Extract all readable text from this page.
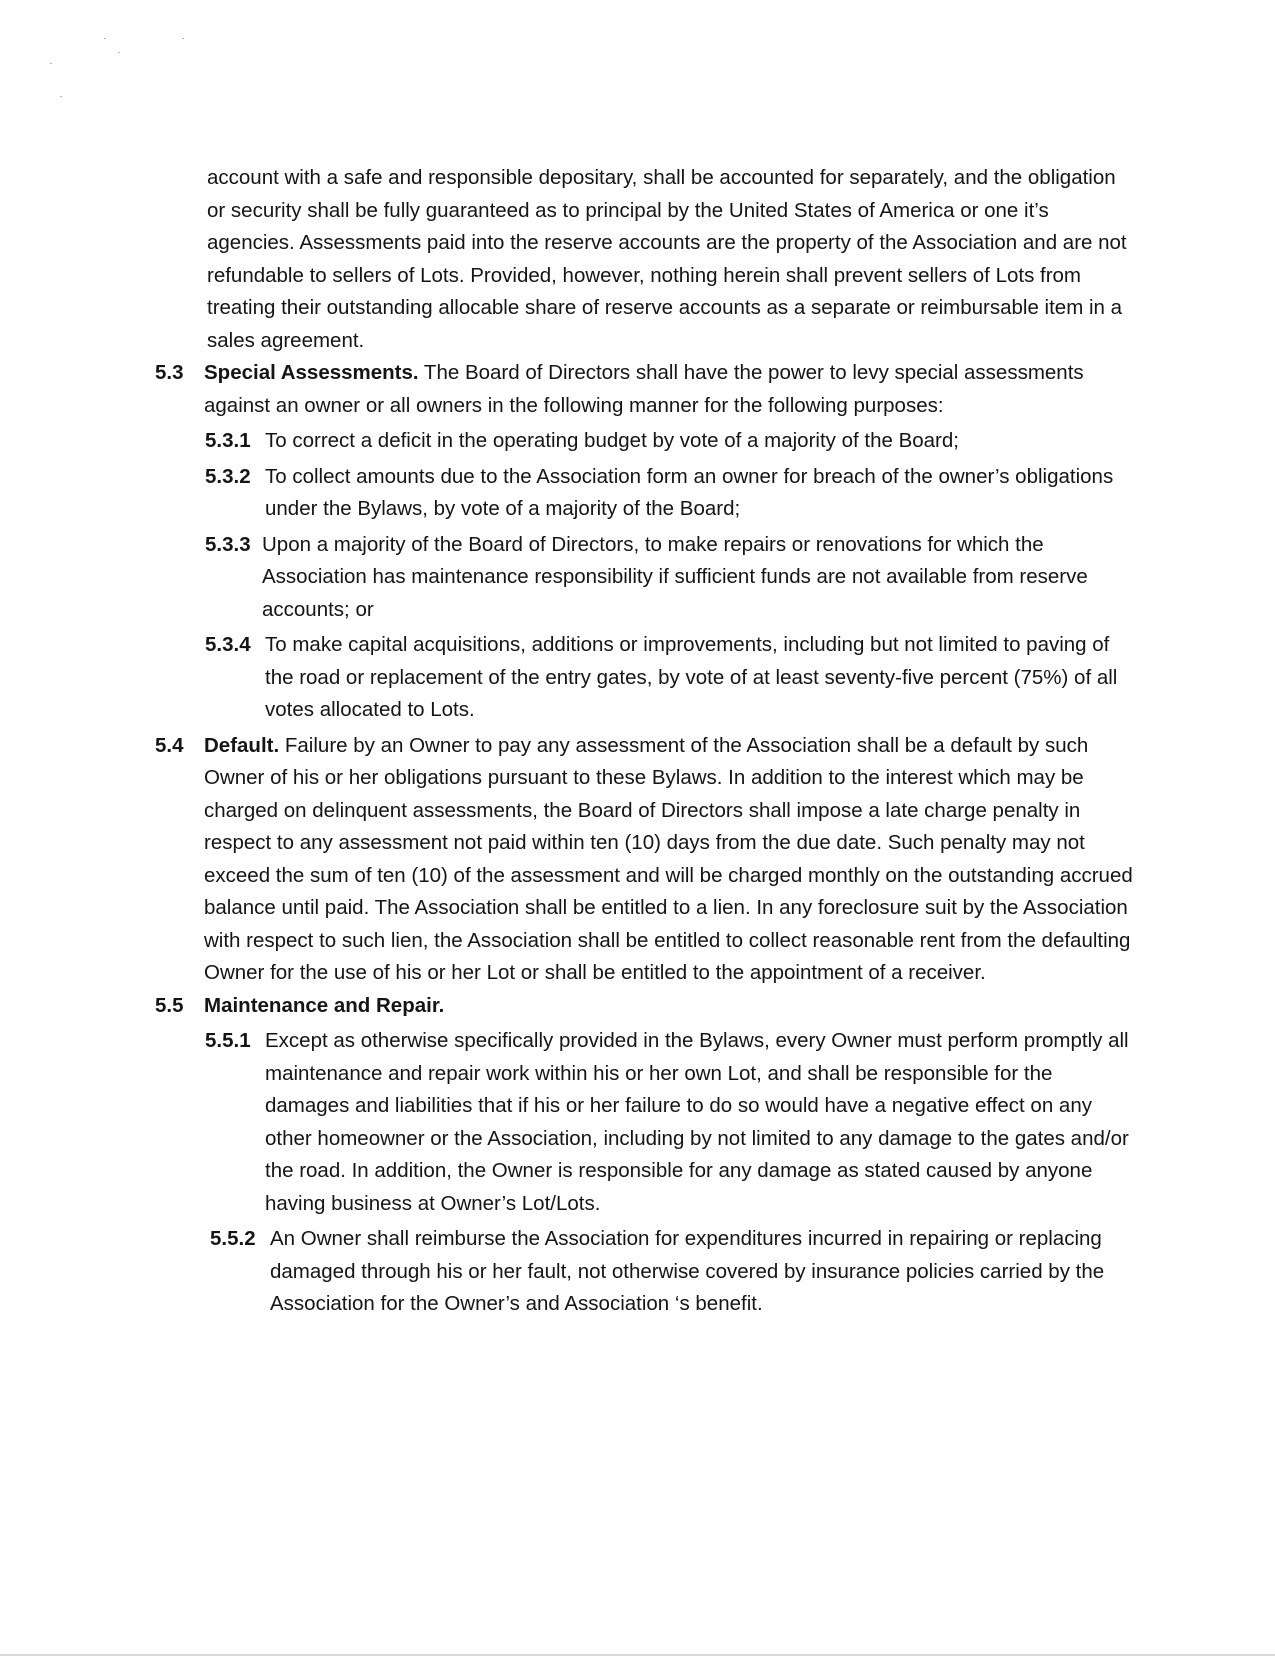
account with a safe and responsible depositary, shall be accounted for separately, and the obligation or security shall be fully guaranteed as to principal by the United States of America or one it’s agencies. Assessments paid into the reserve accounts are the property of the Association and are not refundable to sellers of Lots. Provided, however, nothing herein shall prevent sellers of Lots from treating their outstanding allocable share of reserve accounts as a separate or reimbursable item in a sales agreement.

5.3 Special Assessments. The Board of Directors shall have the power to levy special assessments against an owner or all owners in the following manner for the following purposes:
5.3.1 To correct a deficit in the operating budget by vote of a majority of the Board;
5.3.2 To collect amounts due to the Association form an owner for breach of the owner’s obligations under the Bylaws, by vote of a majority of the Board;
5.3.3 Upon a majority of the Board of Directors, to make repairs or renovations for which the Association has maintenance responsibility if sufficient funds are not available from reserve accounts; or
5.3.4 To make capital acquisitions, additions or improvements, including but not limited to paving of the road or replacement of the entry gates, by vote of at least seventy-five percent (75%) of all votes allocated to Lots.
5.4 Default. Failure by an Owner to pay any assessment of the Association shall be a default by such Owner of his or her obligations pursuant to these Bylaws. In addition to the interest which may be charged on delinquent assessments, the Board of Directors shall impose a late charge penalty in respect to any assessment not paid within ten (10) days from the due date. Such penalty may not exceed the sum of ten (10) of the assessment and will be charged monthly on the outstanding accrued balance until paid. The Association shall be entitled to a lien. In any foreclosure suit by the Association with respect to such lien, the Association shall be entitled to collect reasonable rent from the defaulting Owner for the use of his or her Lot or shall be entitled to the appointment of a receiver.
5.5 Maintenance and Repair.
5.5.1 Except as otherwise specifically provided in the Bylaws, every Owner must perform promptly all maintenance and repair work within his or her own Lot, and shall be responsible for the damages and liabilities that if his or her failure to do so would have a negative effect on any other homeowner or the Association, including by not limited to any damage to the gates and/or the road. In addition, the Owner is responsible for any damage as stated caused by anyone having business at Owner’s Lot/Lots.
5.5.2 An Owner shall reimburse the Association for expenditures incurred in repairing or replacing damaged through his or her fault, not otherwise covered by insurance policies carried by the Association for the Owner’s and Association ‘s benefit.
